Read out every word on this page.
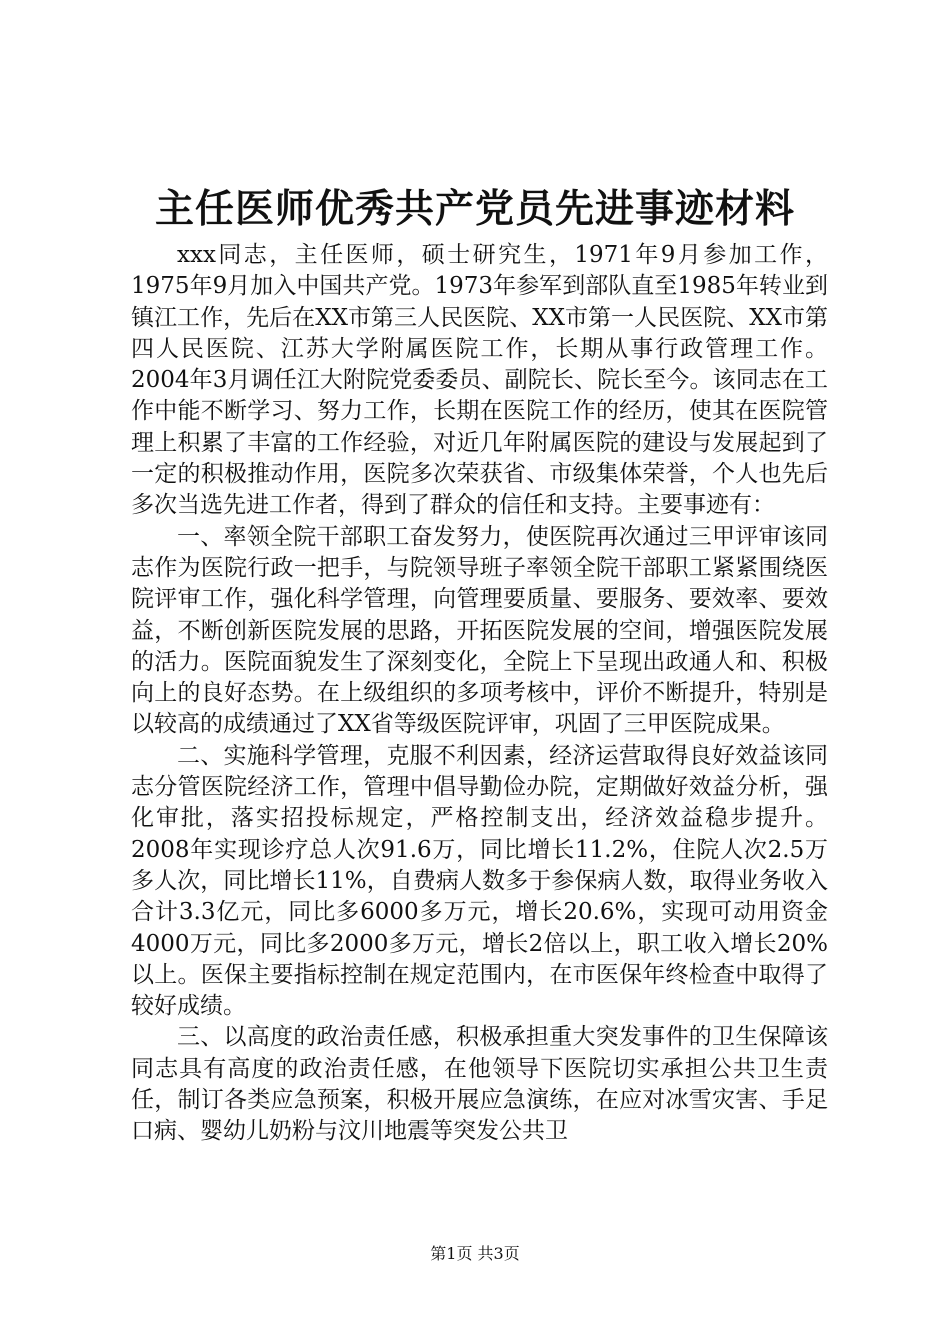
主任医师优秀共产党员先进事迹材料

xxx同志，主任医师，硕士研究生，1971年9月参加工作，1975年9月加入中国共产党。1973年参军到部队直至1985年转业到镇江工作，先后在XX市第三人民医院、XX市第一人民医院、XX市第四人民医院、江苏大学附属医院工作，长期从事行政管理工作。2004年3月调任江大附院党委委员、副院长、院长至今。该同志在工作中能不断学习、努力工作，长期在医院工作的经历，使其在医院管理上积累了丰富的工作经验，对近几年附属医院的建设与发展起到了一定的积极推动作用，医院多次荣获省、市级集体荣誉，个人也先后多次当选先进工作者，得到了群众的信任和支持。主要事迹有：

一、率领全院干部职工奋发努力，使医院再次通过三甲评审该同志作为医院行政一把手，与院领导班子率领全院干部职工紧紧围绕医院评审工作，强化科学管理，向管理要质量、要服务、要效率、要效益，不断创新医院发展的思路，开拓医院发展的空间，增强医院发展的活力。医院面貌发生了深刻变化，全院上下呈现出政通人和、积极向上的良好态势。在上级组织的多项考核中，评价不断提升，特别是以较高的成绩通过了XX省等级医院评审，巩固了三甲医院成果。

二、实施科学管理，克服不利因素，经济运营取得良好效益该同志分管医院经济工作，管理中倡导勤俭办院，定期做好效益分析，强化审批，落实招投标规定，严格控制支出，经济效益稳步提升。2008年实现诊疗总人次91.6万，同比增长11.2%，住院人次2.5万多人次，同比增长11%，自费病人数多于参保病人数，取得业务收入合计3.3亿元，同比多6000多万元，增长20.6%，实现可动用资金4000万元，同比多2000多万元，增长2倍以上，职工收入增长20%以上。医保主要指标控制在规定范围内，在市医保年终检查中取得了较好成绩。

三、以高度的政治责任感，积极承担重大突发事件的卫生保障该同志具有高度的政治责任感，在他领导下医院切实承担公共卫生责任，制订各类应急预案，积极开展应急演练，在应对冰雪灾害、手足口病、婴幼儿奶粉与汶川地震等突发公共卫

第1页 共3页
